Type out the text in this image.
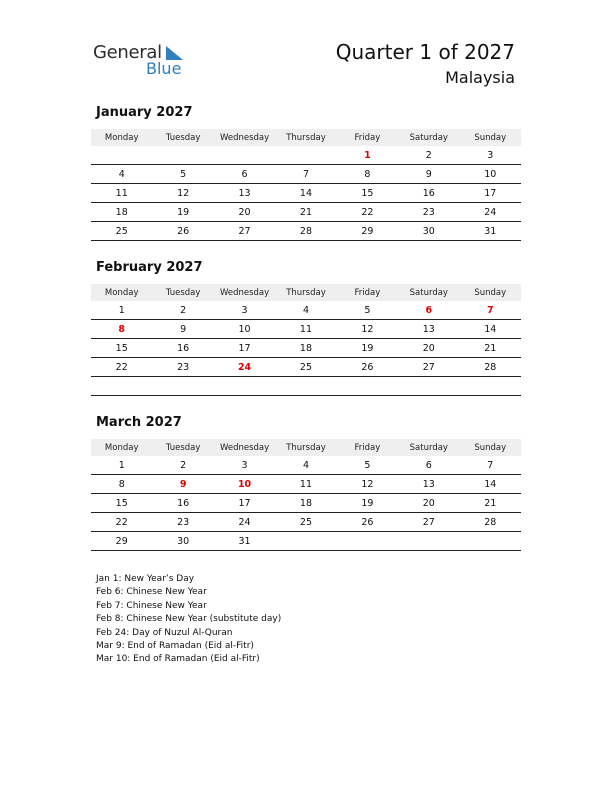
General
Blue
Quarter 1 of 2027
Malaysia
January 2027
Monday	Tuesday	Wednesday	Thursday	Friday	Saturday	Sunday
				1	2	3
4	5	6	7	8	9	10
11	12	13	14	15	16	17
18	19	20	21	22	23	24
25	26	27	28	29	30	31
February 2027
Monday	Tuesday	Wednesday	Thursday	Friday	Saturday	Sunday
1	2	3	4	5	6	7
8	9	10	11	12	13	14
15	16	17	18	19	20	21
22	23	24	25	26	27	28

March 2027
Monday	Tuesday	Wednesday	Thursday	Friday	Saturday	Sunday
1	2	3	4	5	6	7
8	9	10	11	12	13	14
15	16	17	18	19	20	21
22	23	24	25	26	27	28
29	30	31				
Jan 1: New Year’s Day
Feb 6: Chinese New Year
Feb 7: Chinese New Year
Feb 8: Chinese New Year (substitute day)
Feb 24: Day of Nuzul Al-Quran
Mar 9: End of Ramadan (Eid al-Fitr)
Mar 10: End of Ramadan (Eid al-Fitr)
